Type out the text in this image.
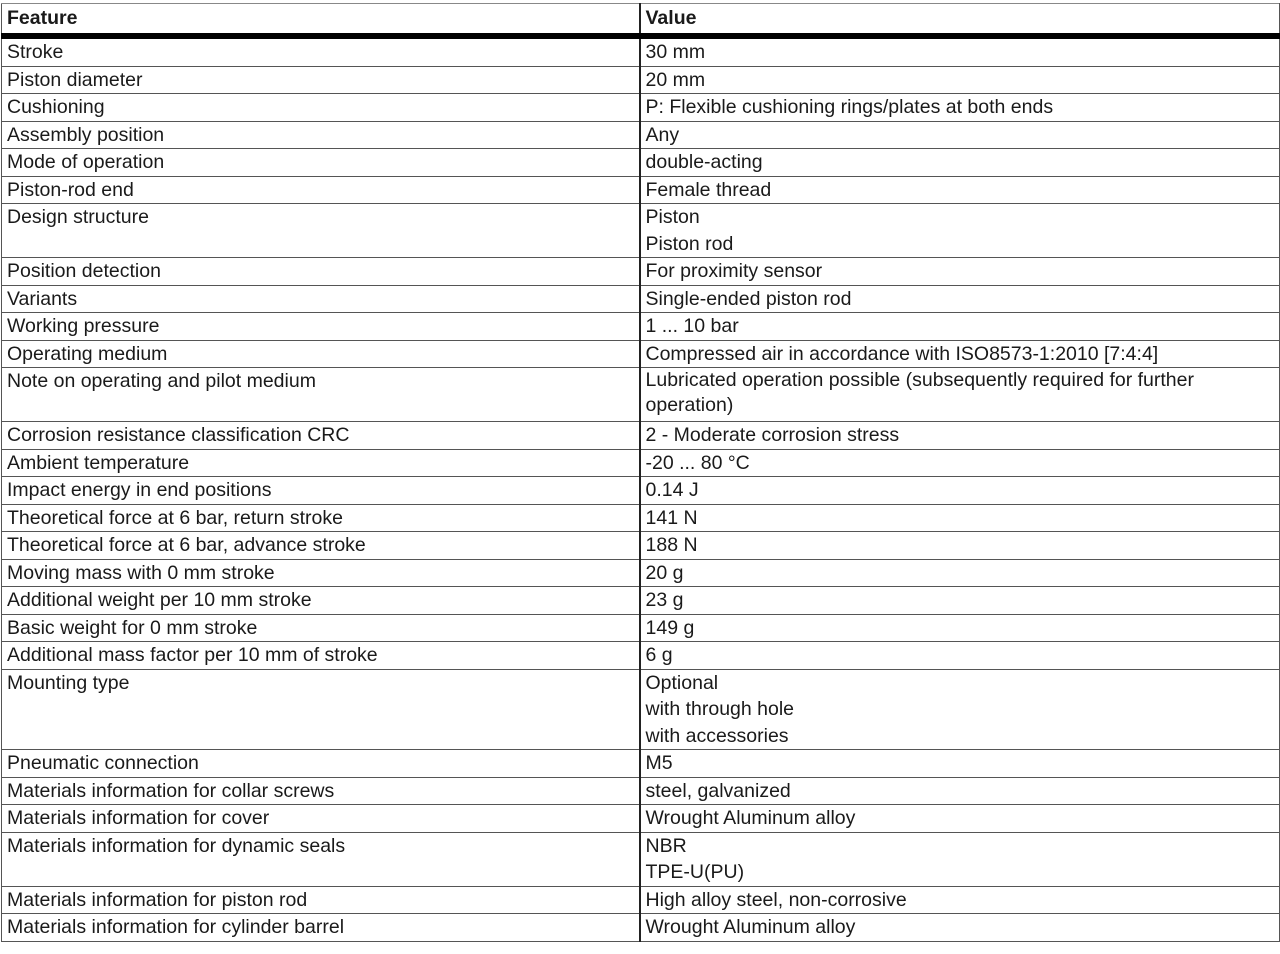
Feature	Value

Stroke	30 mm

Piston diameter	20 mm

Cushioning	P: Flexible cushioning rings/plates at both ends

Assembly position	Any

Mode of operation	double-acting

Piston-rod end	Female thread

Design structure	Piston
Piston rod

Position detection	For proximity sensor

Variants	Single-ended piston rod

Working pressure	1 ... 10 bar

Operating medium	Compressed air in accordance with ISO8573-1:2010 [7:4:4]

Note on operating and pilot medium	Lubricated operation possible (subsequently required for further operation)

Corrosion resistance classification CRC	2 - Moderate corrosion stress

Ambient temperature	-20 ... 80 °C

Impact energy in end positions	0.14 J

Theoretical force at 6 bar, return stroke	141 N

Theoretical force at 6 bar, advance stroke	188 N

Moving mass with 0 mm stroke	20 g

Additional weight per 10 mm stroke	23 g

Basic weight for 0 mm stroke	149 g

Additional mass factor per 10 mm of stroke	6 g

Mounting type	Optional
with through hole
with accessories

Pneumatic connection	M5

Materials information for collar screws	steel, galvanized

Materials information for cover	Wrought Aluminum alloy

Materials information for dynamic seals	NBR
TPE-U(PU)

Materials information for piston rod	High alloy steel, non-corrosive

Materials information for cylinder barrel	Wrought Aluminum alloy
